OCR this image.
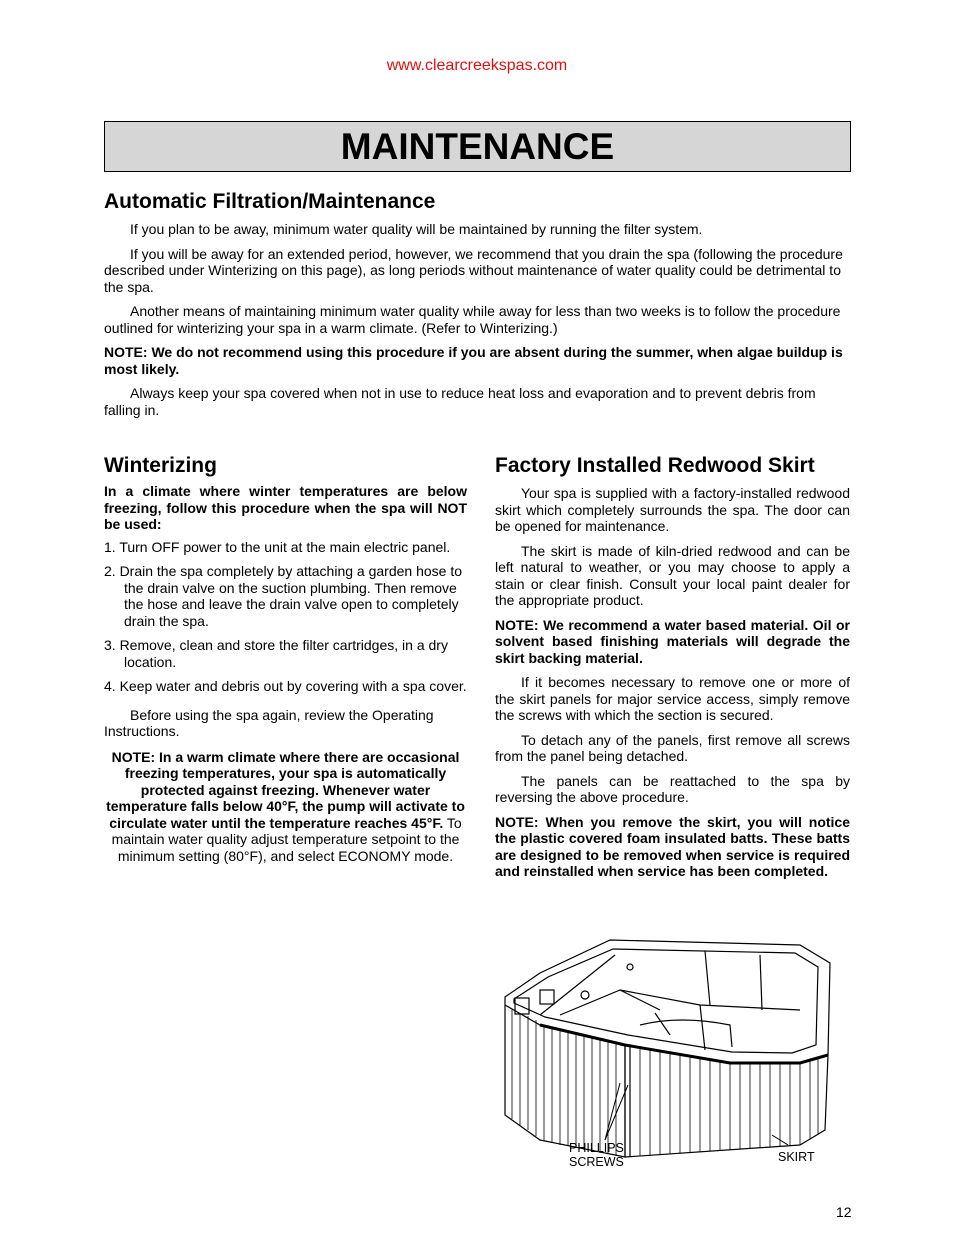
www.clearcreekspas.com
MAINTENANCE
Automatic Filtration/Maintenance

If you plan to be away, minimum water quality will be maintained by running the filter system.

If you will be away for an extended period, however, we recommend that you drain the spa (following the procedure described under Winterizing on this page), as long periods without maintenance of water quality could be detrimental to the spa.

Another means of maintaining minimum water quality while away for less than two weeks is to follow the procedure outlined for winterizing your spa in a warm climate. (Refer to Winterizing.)

NOTE: We do not recommend using this procedure if you are absent during the summer, when algae buildup is most likely.

Always keep your spa covered when not in use to reduce heat loss and evaporation and to prevent debris from falling in.

Winterizing

In a climate where winter temperatures are below freezing, follow this procedure when the spa will NOT be used:

1. Turn OFF power to the unit at the main electric panel.
2. Drain the spa completely by attaching a garden hose to the drain valve on the suction plumbing. Then remove the hose and leave the drain valve open to completely drain the spa.
3. Remove, clean and store the filter cartridges, in a dry location.
4. Keep water and debris out by covering with a spa cover.

Before using the spa again, review the Operating Instructions.

NOTE: In a warm climate where there are occasional freezing temperatures, your spa is automatically protected against freezing. Whenever water temperature falls below 40°F, the pump will activate to circulate water until the temperature reaches 45°F. To maintain water quality adjust temperature setpoint to the minimum setting (80°F), and select ECONOMY mode.
Factory Installed Redwood Skirt

Your spa is supplied with a factory-installed redwood skirt which completely surrounds the spa. The door can be opened for maintenance.

The skirt is made of kiln-dried redwood and can be left natural to weather, or you may choose to apply a stain or clear finish. Consult your local paint dealer for the appropriate product.

NOTE: We recommend a water based material. Oil or solvent based finishing materials will degrade the skirt backing material.

If it becomes necessary to remove one or more of the skirt panels for major service access, simply remove the screws with which the section is secured.

To detach any of the panels, first remove all screws from the panel being detached.

The panels can be reattached to the spa by reversing the above procedure.

NOTE: When you remove the skirt, you will notice the plastic covered foam insulated batts. These batts are designed to be removed when service is required and reinstalled when service has been completed.

PHILLIPS
SCREWS	SKIRT
12
